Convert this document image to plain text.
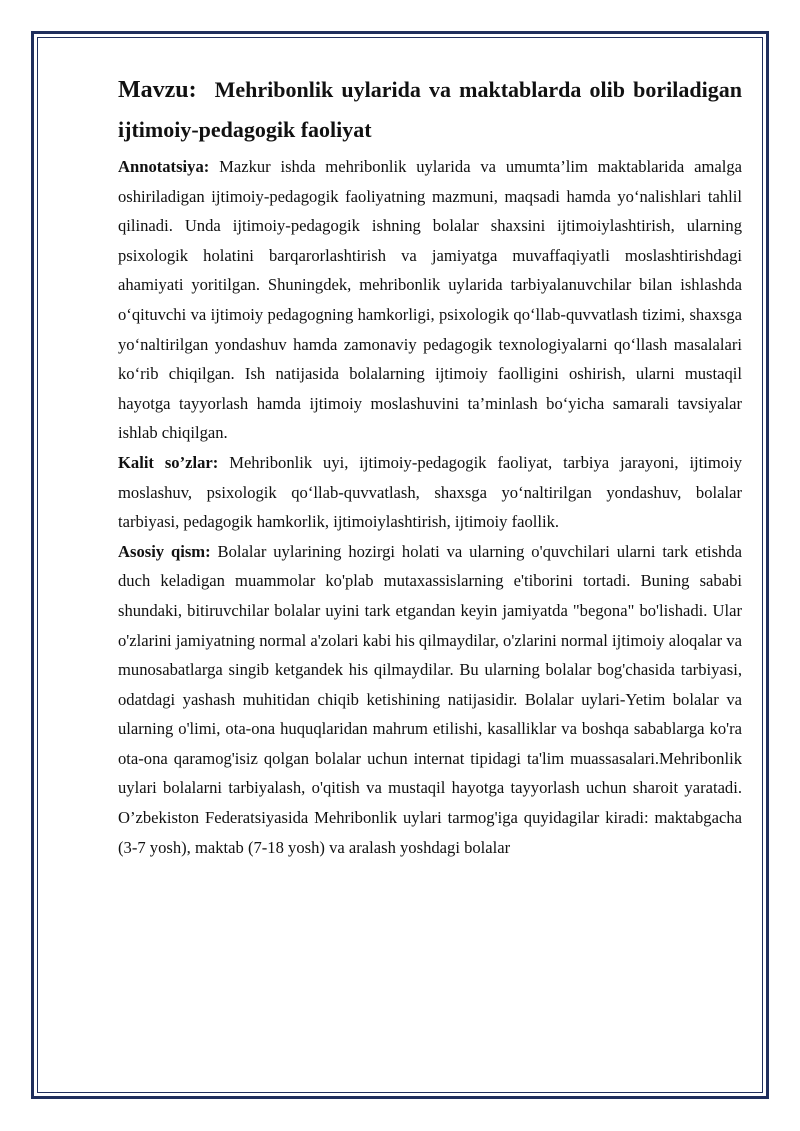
Mavzu: Mehribonlik uylarida va maktablarda olib boriladigan ijtimoiy-pedagogik faoliyat

Annotatsiya: Mazkur ishda mehribonlik uylarida va umumta’lim maktablarida amalga oshiriladigan ijtimoiy-pedagogik faoliyatning mazmuni, maqsadi hamda yo‘nalishlari tahlil qilinadi. Unda ijtimoiy-pedagogik ishning bolalar shaxsini ijtimoiylashtirish, ularning psixologik holatini barqarorlashtirish va jamiyatga muvaffaqiyatli moslashtirishdagi ahamiyati yoritilgan. Shuningdek, mehribonlik uylarida tarbiyalanuvchilar bilan ishlashda o‘qituvchi va ijtimoiy pedagogning hamkorligi, psixologik qo‘llab-quvvatlash tizimi, shaxsga yo‘naltirilgan yondashuv hamda zamonaviy pedagogik texnologiyalarni qo‘llash masalalari ko‘rib chiqilgan. Ish natijasida bolalarning ijtimoiy faolligini oshirish, ularni mustaqil hayotga tayyorlash hamda ijtimoiy moslashuvini ta’minlash bo‘yicha samarali tavsiyalar ishlab chiqilgan.

Kalit so’zlar: Mehribonlik uyi, ijtimoiy-pedagogik faoliyat, tarbiya jarayoni, ijtimoiy moslashuv, psixologik qo‘llab-quvvatlash, shaxsga yo‘naltirilgan yondashuv, bolalar tarbiyasi, pedagogik hamkorlik, ijtimoiylashtirish, ijtimoiy faollik.

Asosiy qism: Bolalar uylarining hozirgi holati va ularning o'quvchilari ularni tark etishda duch keladigan muammolar ko'plab mutaxassislarning e'tiborini tortadi. Buning sababi shundaki, bitiruvchilar bolalar uyini tark etgandan keyin jamiyatda "begona" bo'lishadi. Ular o'zlarini jamiyatning normal a'zolari kabi his qilmaydilar, o'zlarini normal ijtimoiy aloqalar va munosabatlarga singib ketgandek his qilmaydilar. Bu ularning bolalar bog'chasida tarbiyasi, odatdagi yashash muhitidan chiqib ketishining natijasidir. Bolalar uylari-Yetim bolalar va ularning o'limi, ota-ona huquqlaridan mahrum etilishi, kasalliklar va boshqa sabablarga ko'ra ota-ona qaramog'isiz qolgan bolalar uchun internat tipidagi ta'lim muassasalari.Mehribonlik uylari bolalarni tarbiyalash, o'qitish va mustaqil hayotga tayyorlash uchun sharoit yaratadi. O’zbekiston Federatsiyasida Mehribonlik uylari tarmog'iga quyidagilar kiradi: maktabgacha (3-7 yosh), maktab (7-18 yosh) va aralash yoshdagi bolalar
